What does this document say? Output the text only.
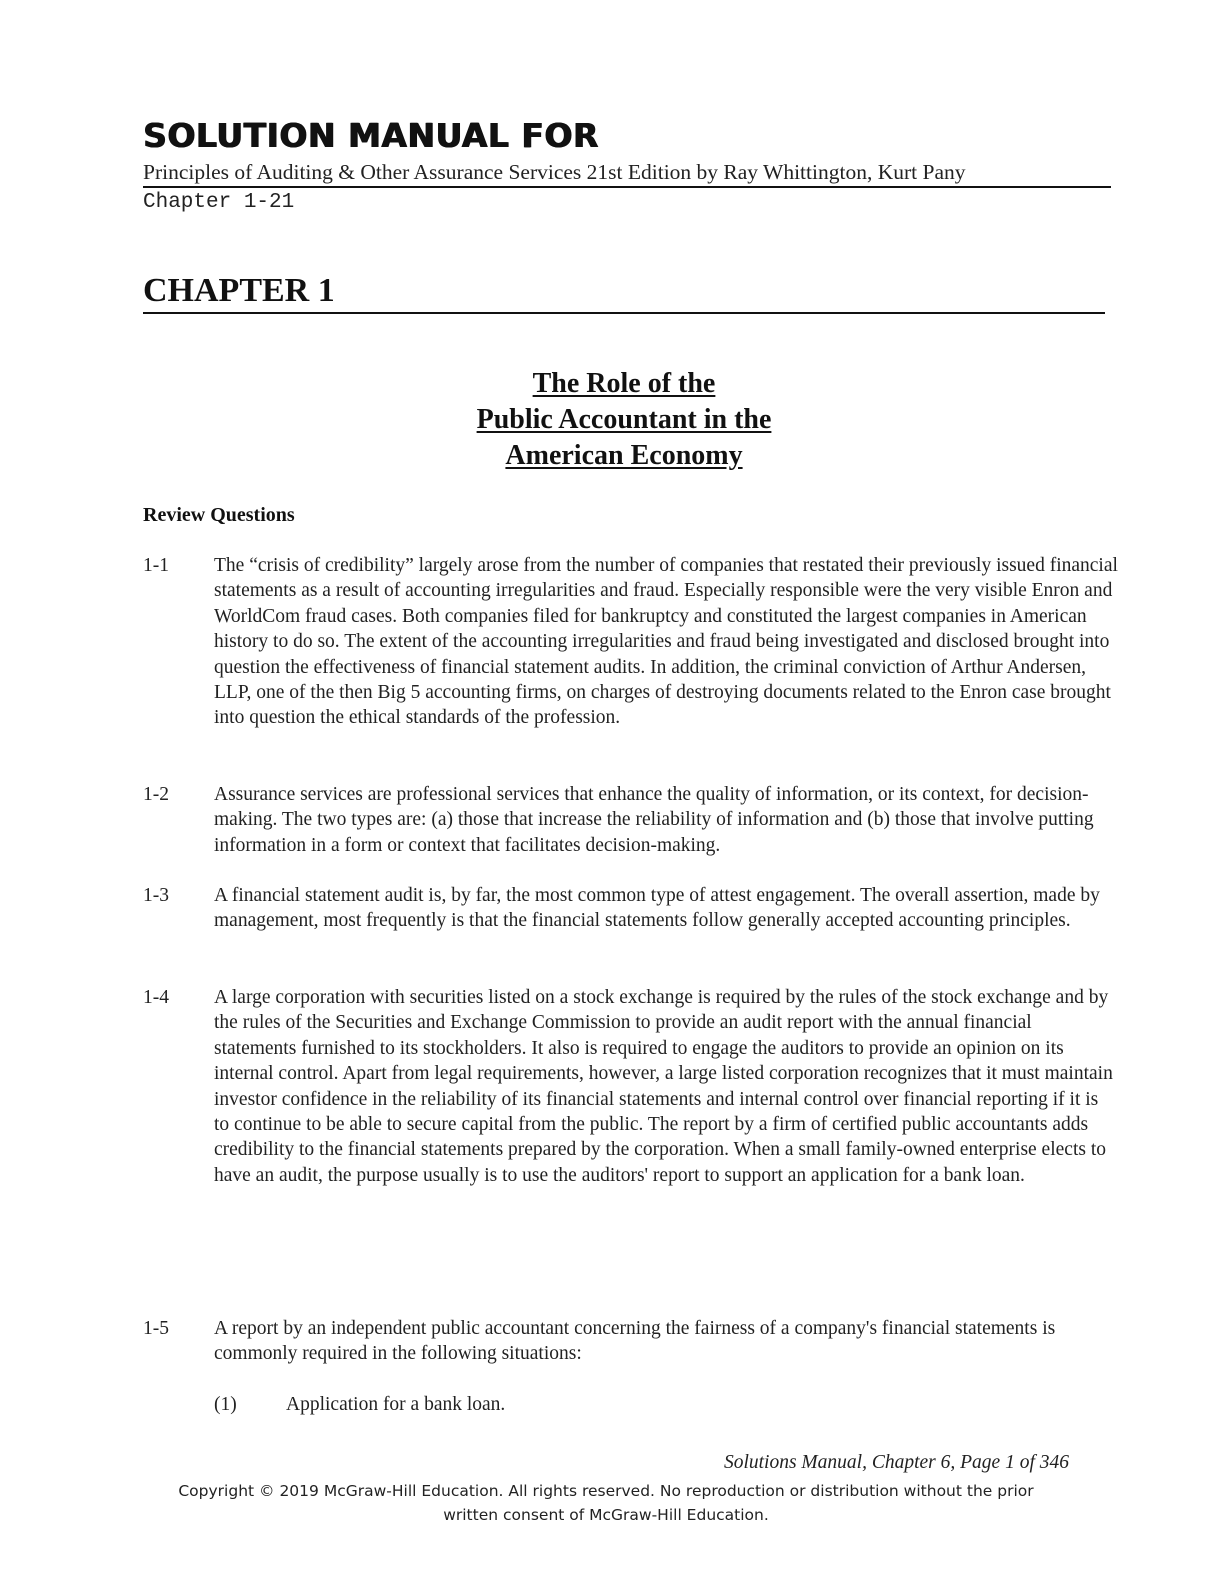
SOLUTION MANUAL FOR
Principles of Auditing & Other Assurance Services 21st Edition by Ray Whittington, Kurt Pany
Chapter 1-21
CHAPTER 1
The Role of the
Public Accountant in the
American Economy
Review Questions
1-1 The “crisis of credibility” largely arose from the number of companies that restated their previously issued financial statements as a result of accounting irregularities and fraud. Especially responsible were the very visible Enron and WorldCom fraud cases. Both companies filed for bankruptcy and constituted the largest companies in American history to do so. The extent of the accounting irregularities and fraud being investigated and disclosed brought into question the effectiveness of financial statement audits. In addition, the criminal conviction of Arthur Andersen, LLP, one of the then Big 5 accounting firms, on charges of destroying documents related to the Enron case brought into question the ethical standards of the profession.
1-2 Assurance services are professional services that enhance the quality of information, or its context, for decision-making. The two types are: (a) those that increase the reliability of information and (b) those that involve putting information in a form or context that facilitates decision-making.
1-3 A financial statement audit is, by far, the most common type of attest engagement. The overall assertion, made by management, most frequently is that the financial statements follow generally accepted accounting principles.
1-4 A large corporation with securities listed on a stock exchange is required by the rules of the stock exchange and by the rules of the Securities and Exchange Commission to provide an audit report with the annual financial statements furnished to its stockholders. It also is required to engage the auditors to provide an opinion on its internal control. Apart from legal requirements, however, a large listed corporation recognizes that it must maintain investor confidence in the reliability of its financial statements and internal control over financial reporting if it is to continue to be able to secure capital from the public. The report by a firm of certified public accountants adds credibility to the financial statements prepared by the corporation. When a small family-owned enterprise elects to have an audit, the purpose usually is to use the auditors' report to support an application for a bank loan.
1-5 A report by an independent public accountant concerning the fairness of a company's financial statements is commonly required in the following situations:
(1)	Application for a bank loan.
Solutions Manual, Chapter 6, Page 1 of 346
Copyright © 2019 McGraw-Hill Education. All rights reserved. No reproduction or distribution without the prior
written consent of McGraw-Hill Education.
